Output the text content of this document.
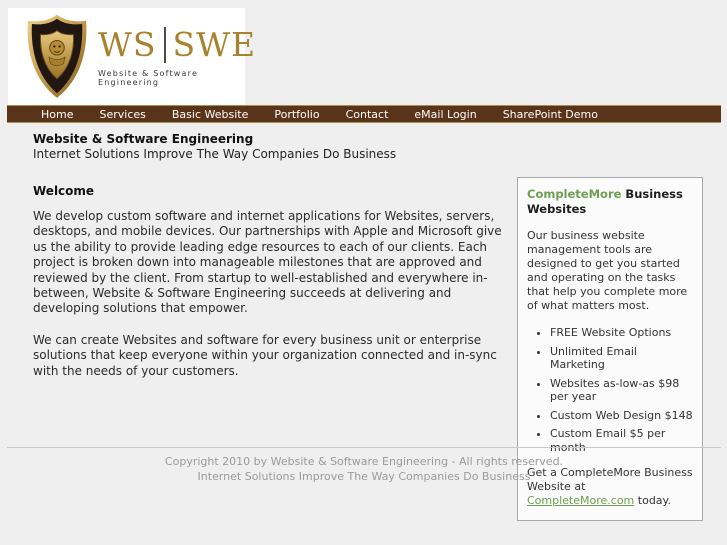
WS SWE
Website & Software Engineering
Home	Services	Basic Website	Portfolio	Contact	eMail Login	SharePoint Demo
Website & Software Engineering
Internet Solutions Improve The Way Companies Do Business
Welcome

We develop custom software and internet applications for Websites, servers, desktops, and mobile devices. Our partnerships with Apple and Microsoft give us the ability to provide leading edge resources to each of our clients. Each project is broken down into manageable milestones that are approved and reviewed by the client. From startup to well-established and everywhere in-between, Website & Software Engineering succeeds at delivering and developing solutions that empower.

We can create Websites and software for every business unit or enterprise solutions that keep everyone within your organization connected and in-sync with the needs of your customers.

CompleteMore Business Websites

Our business website management tools are designed to get you started and operating on the tasks that help you complete more of what matters most.

• FREE Website Options
• Unlimited Email Marketing
• Websites as-low-as $98 per year
• Custom Web Design $148
• Custom Email $5 per month

Get a CompleteMore Business Website at CompleteMore.com today.

Copyright 2010 by Website & Software Engineering - All rights reserved.
Internet Solutions Improve The Way Companies Do Business
